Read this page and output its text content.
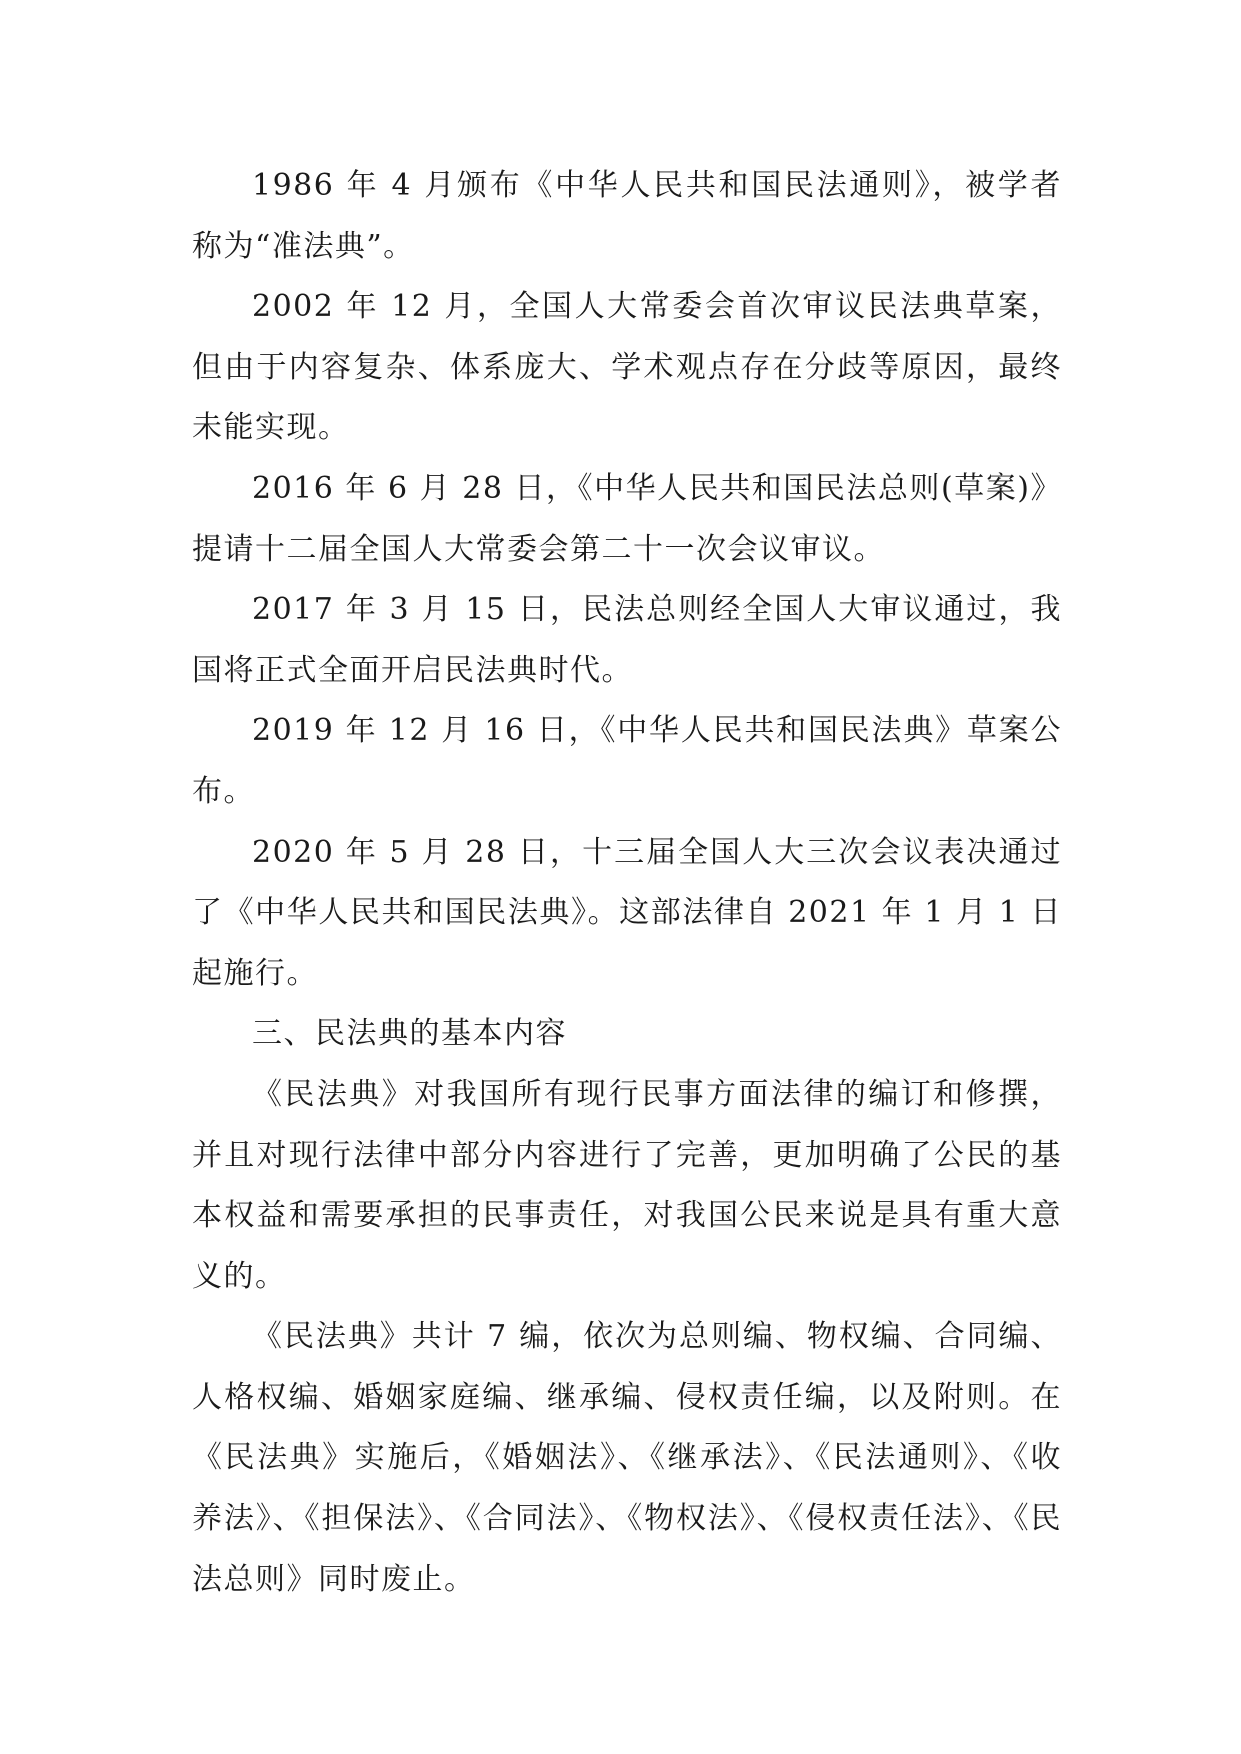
1986 年 4 月颁布《中华人民共和国民法通则》，被学者称为“准法典”。

2002 年 12 月，全国人大常委会首次审议民法典草案，但由于内容复杂、体系庞大、学术观点存在分歧等原因，最终未能实现。

2016 年 6 月 28 日，《中华人民共和国民法总则(草案)》提请十二届全国人大常委会第二十一次会议审议。

2017 年 3 月 15 日，民法总则经全国人大审议通过，我国将正式全面开启民法典时代。

2019 年 12 月 16 日，《中华人民共和国民法典》草案公布。

2020 年 5 月 28 日，十三届全国人大三次会议表决通过了《中华人民共和国民法典》。这部法律自 2021 年 1 月 1 日起施行。

三、民法典的基本内容

《民法典》对我国所有现行民事方面法律的编订和修撰，并且对现行法律中部分内容进行了完善，更加明确了公民的基本权益和需要承担的民事责任，对我国公民来说是具有重大意义的。

《民法典》共计 7 编，依次为总则编、物权编、合同编、人格权编、婚姻家庭编、继承编、侵权责任编，以及附则。在《民法典》实施后，《婚姻法》、《继承法》、《民法通则》、《收养法》、《担保法》、《合同法》、《物权法》、《侵权责任法》、《民法总则》同时废止。
